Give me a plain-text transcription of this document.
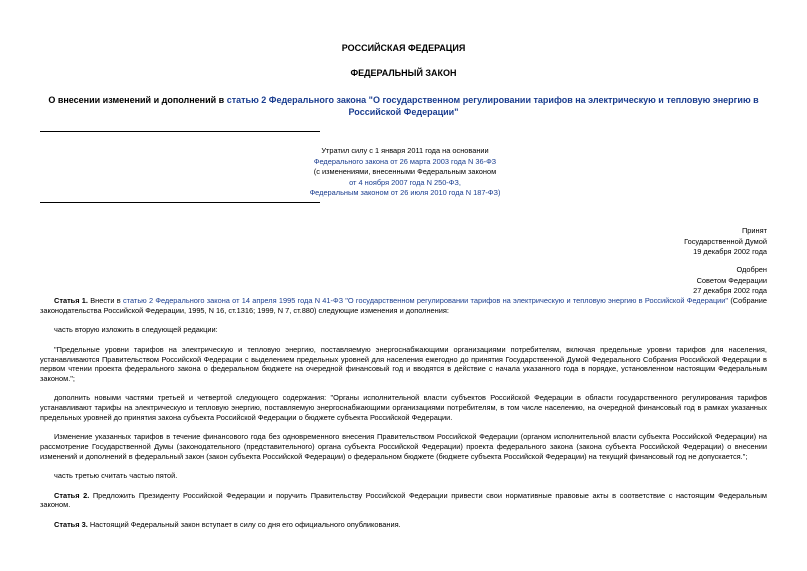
РОССИЙСКАЯ ФЕДЕРАЦИЯ
ФЕДЕРАЛЬНЫЙ ЗАКОН
О внесении изменений и дополнений в статью 2 Федерального закона "О государственном регулировании тарифов на электрическую и тепловую энергию в Российской Федерации"
Утратил силу с 1 января 2011 года на основании
Федерального закона от 26 марта 2003 года N 36-ФЗ
(с изменениями, внесенными Федеральным законом
от 4 ноября 2007 года N 250-ФЗ,
Федеральным законом от 26 июля 2010 года N 187-ФЗ)
Принят
Государственной Думой
19 декабря 2002 года
Одобрен
Советом Федерации
27 декабря 2002 года

Статья 1. Внести в статью 2 Федерального закона от 14 апреля 1995 года N 41-ФЗ "О государственном регулировании тарифов на электрическую и тепловую энергию в Российской Федерации" (Собрание законодательства Российской Федерации, 1995, N 16, ст.1316; 1999, N 7, ст.880) следующие изменения и дополнения:

часть вторую изложить в следующей редакции:

"Предельные уровни тарифов на электрическую и тепловую энергию, поставляемую энергоснабжающими организациями потребителям, включая предельные уровни тарифов для населения, устанавливаются Правительством Российской Федерации с выделением предельных уровней для населения ежегодно до принятия Государственной Думой Федерального Собрания Российской Федерации в первом чтении проекта федерального закона о федеральном бюджете на очередной финансовый год и вводятся в действие с начала указанного года в порядке, установленном настоящим Федеральным законом.";

дополнить новыми частями третьей и четвертой следующего содержания: "Органы исполнительной власти субъектов Российской Федерации в области государственного регулирования тарифов устанавливают тарифы на электрическую и тепловую энергию, поставляемую энергоснабжающими организациями потребителям, в том числе населению, на очередной финансовый год в рамках указанных предельных уровней до принятия закона субъекта Российской Федерации о бюджете субъекта Российской Федерации.

Изменение указанных тарифов в течение финансового года без одновременного внесения Правительством Российской Федерации (органом исполнительной власти субъекта Российской Федерации) на рассмотрение Государственной Думы (законодательного (представительного) органа субъекта Российской Федерации) проекта федерального закона (закона субъекта Российской Федерации) о внесении изменений и дополнений в федеральный закон (закон субъекта Российской Федерации) о федеральном бюджете (бюджете субъекта Российской Федерации) на текущий финансовый год не допускается.";

часть третью считать частью пятой.

Статья 2. Предложить Президенту Российской Федерации и поручить Правительству Российской Федерации привести свои нормативные правовые акты в соответствие с настоящим Федеральным законом.

Статья 3. Настоящий Федеральный закон вступает в силу со дня его официального опубликования.
